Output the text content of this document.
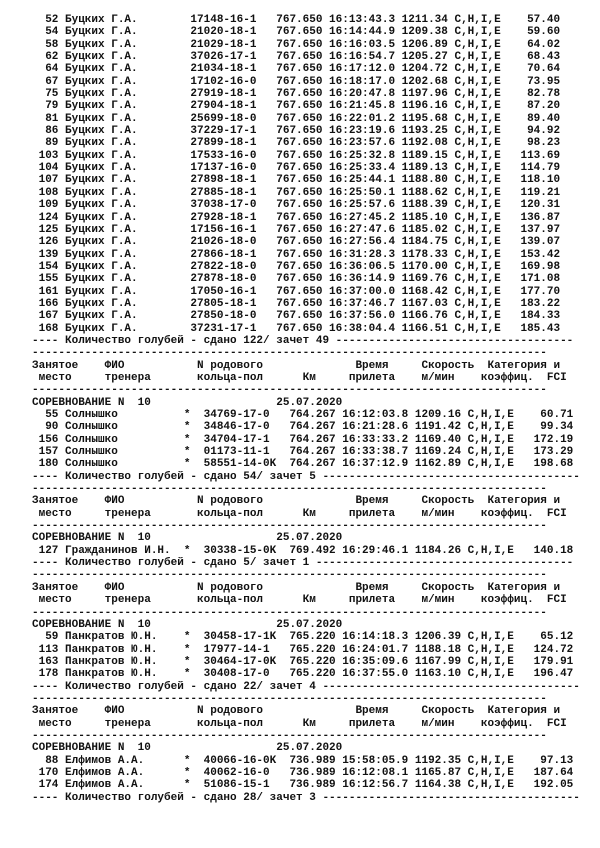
52 Буцких Г.А.        17148-16-1   767.650 16:13:43.3 1211.34 C,H,I,E    57.40
54 Буцких Г.А.        21020-18-1   767.650 16:14:44.9 1209.38 C,H,I,E    59.60
58 Буцких Г.А.        21029-18-1   767.650 16:16:03.5 1206.89 C,H,I,E    64.02
62 Буцких Г.А.        37026-17-1   767.650 16:16:54.7 1205.27 C,H,I,E    68.43
64 Буцких Г.А.        21034-18-1   767.650 16:17:12.0 1204.72 C,H,I,E    70.64
67 Буцких Г.А.        17102-16-0   767.650 16:18:17.0 1202.68 C,H,I,E    73.95
75 Буцких Г.А.        27919-18-1   767.650 16:20:47.8 1197.96 C,H,I,E    82.78
79 Буцких Г.А.        27904-18-1   767.650 16:21:45.8 1196.16 C,H,I,E    87.20
81 Буцких Г.А.        25699-18-0   767.650 16:22:01.2 1195.68 C,H,I,E    89.40
86 Буцких Г.А.        37229-17-1   767.650 16:23:19.6 1193.25 C,H,I,E    94.92
89 Буцких Г.А.        27899-18-1   767.650 16:23:57.6 1192.08 C,H,I,E    98.23
103 Буцких Г.А.        17533-16-0   767.650 16:25:32.8 1189.15 C,H,I,E   113.69
104 Буцких Г.А.        17137-16-0   767.650 16:25:33.4 1189.13 C,H,I,E   114.79
107 Буцких Г.А.        27898-18-1   767.650 16:25:44.1 1188.80 C,H,I,E   118.10
108 Буцких Г.А.        27885-18-1   767.650 16:25:50.1 1188.62 C,H,I,E   119.21
109 Буцких Г.А.        37038-17-0   767.650 16:25:57.6 1188.39 C,H,I,E   120.31
124 Буцких Г.А.        27928-18-1   767.650 16:27:45.2 1185.10 C,H,I,E   136.87
125 Буцких Г.А.        17156-16-1   767.650 16:27:47.6 1185.02 C,H,I,E   137.97
126 Буцких Г.А.        21026-18-0   767.650 16:27:56.4 1184.75 C,H,I,E   139.07
139 Буцких Г.А.        27866-18-1   767.650 16:31:28.3 1178.33 C,H,I,E   153.42
154 Буцких Г.А.        27822-18-0   767.650 16:36:06.5 1170.00 C,H,I,E   169.98
155 Буцких Г.А.        27878-18-0   767.650 16:36:14.9 1169.76 C,H,I,E   171.08
161 Буцких Г.А.        17050-16-1   767.650 16:37:00.0 1168.42 C,H,I,E   177.70
166 Буцких Г.А.        27805-18-1   767.650 16:37:46.7 1167.03 C,H,I,E   183.22
167 Буцких Г.А.        27850-18-0   767.650 16:37:56.0 1166.76 C,H,I,E   184.33
168 Буцких Г.А.        37231-17-1   767.650 16:38:04.4 1166.51 C,H,I,E   185.43
---- Количество голубей - сдано 122/ зачет 49 ------------------------------------
------------------------------------------------------------------------------
Занятое    ФИО           N родового              Время     Скорость  Категория и
место     тренера       кольца-пол      Км     прилета    м/мин    коэффиц.  FCI
------------------------------------------------------------------------------
СОРЕВНОВАНИЕ N  10                   25.07.2020
55 Солнышко          *  34769-17-0   764.267 16:12:03.8 1209.16 C,H,I,E    60.71
90 Солнышко          *  34846-17-0   764.267 16:21:28.6 1191.42 C,H,I,E    99.34
156 Солнышко          *  34704-17-1   764.267 16:33:33.2 1169.40 C,H,I,E   172.19
157 Солнышко          *  01173-11-1   764.267 16:33:38.7 1169.24 C,H,I,E   173.29
180 Солнышко          *  58551-14-0K  764.267 16:37:12.9 1162.89 C,H,I,E   198.68
---- Количество голубей - сдано 54/ зачет 5 ---------------------------------------
------------------------------------------------------------------------------
Занятое    ФИО           N родового              Время     Скорость  Категория и
место     тренера       кольца-пол      Км     прилета    м/мин    коэффиц.  FCI
------------------------------------------------------------------------------
СОРЕВНОВАНИЕ N  10                   25.07.2020
127 Гражданинов И.Н.  *  30338-15-0K  769.492 16:29:46.1 1184.26 C,H,I,E   140.18
---- Количество голубей - сдано 5/ зачет 1 ---------------------------------------
------------------------------------------------------------------------------
Занятое    ФИО           N родового              Время     Скорость  Категория и
место     тренера       кольца-пол      Км     прилета    м/мин    коэффиц.  FCI
------------------------------------------------------------------------------
СОРЕВНОВАНИЕ N  10                   25.07.2020
59 Панкратов Ю.Н.    *  30458-17-1K  765.220 16:14:18.3 1206.39 C,H,I,E    65.12
113 Панкратов Ю.Н.    *  17977-14-1   765.220 16:24:01.7 1188.18 C,H,I,E   124.72
163 Панкратов Ю.Н.    *  30464-17-0K  765.220 16:35:09.6 1167.99 C,H,I,E   179.91
178 Панкратов Ю.Н.    *  30408-17-0   765.220 16:37:55.0 1163.10 C,H,I,E   196.47
---- Количество голубей - сдано 22/ зачет 4 ---------------------------------------
------------------------------------------------------------------------------
Занятое    ФИО           N родового              Время     Скорость  Категория и
место     тренера       кольца-пол      Км     прилета    м/мин    коэффиц.  FCI
------------------------------------------------------------------------------
СОРЕВНОВАНИЕ N  10                   25.07.2020
88 Елфимов А.А.      *  40066-16-0K  736.989 15:58:05.9 1192.35 C,H,I,E    97.13
170 Елфимов А.А.      *  40062-16-0   736.989 16:12:08.1 1165.87 C,H,I,E   187.64
174 Елфимов А.А.      *  51086-15-1   736.989 16:12:56.7 1164.38 C,H,I,E   192.05
---- Количество голубей - сдано 28/ зачет 3 ---------------------------------------
